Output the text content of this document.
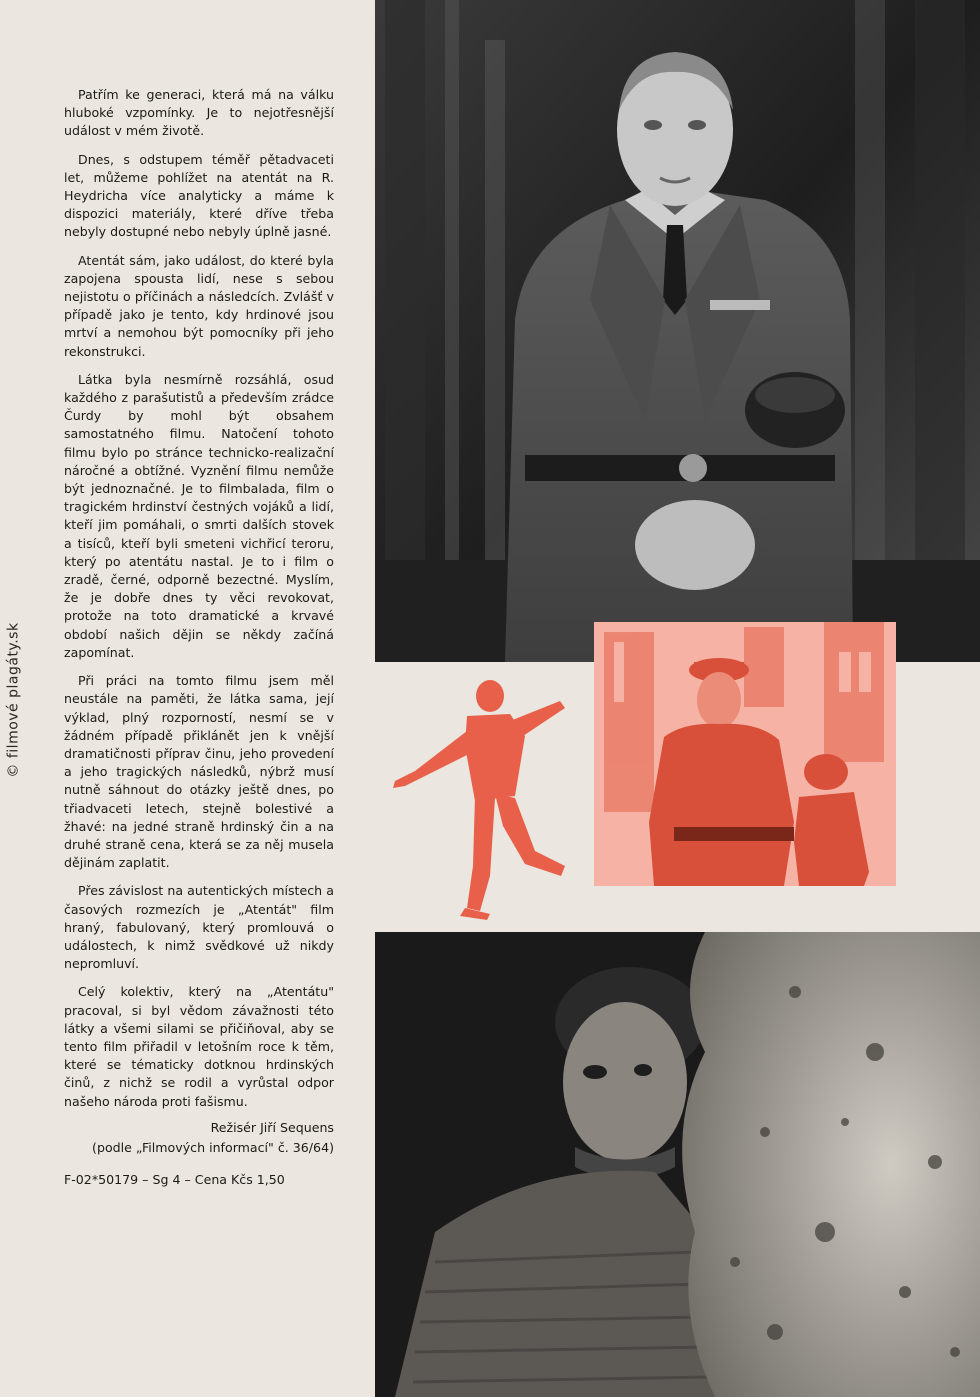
© filmové plagáty.sk

Patřím ke generaci, která má na válku hluboké vzpomínky. Je to nejotřesnější událost v mém životě.

Dnes, s odstupem téměř pětadvaceti let, můžeme pohlížet na atentát na R. Heydricha více analyticky a máme k dispozici materiály, které dříve třeba nebyly dostupné nebo nebyly úplně jasné.

Atentát sám, jako událost, do které byla zapojena spousta lidí, nese s sebou nejistotu o příčinách a následcích. Zvlášť v případě jako je tento, kdy hrdinové jsou mrtví a nemohou být pomocníky při jeho rekonstrukci.

Látka byla nesmírně rozsáhlá, osud každého z parašutistů a především zrádce Čurdy by mohl být obsahem samostatného filmu. Natočení tohoto filmu bylo po stránce technicko-realizační náročné a obtížné. Vyznění filmu nemůže být jednoznačné. Je to filmbalada, film o tragickém hrdinství čestných vojáků a lidí, kteří jim pomáhali, o smrti dalších stovek a tisíců, kteří byli smeteni vichřicí teroru, který po atentátu nastal. Je to i film o zradě, černé, odporně bezectné. Myslím, že je dobře dnes ty věci revokovat, protože na toto dramatické a krvavé období našich dějin se někdy začíná zapomínat.

Při práci na tomto filmu jsem měl neustále na paměti, že látka sama, její výklad, plný rozporností, nesmí se v žádném případě přiklánět jen k vnější dramatičnosti příprav činu, jeho provedení a jeho tragických následků, nýbrž musí nutně sáhnout do otázky ještě dnes, po třiadvaceti letech, stejně bolestivé a žhavé: na jedné straně hrdinský čin a na druhé straně cena, která se za něj musela dějinám zaplatit.

Přes závislost na autentických místech a časových rozmezích je „Atentát" film hraný, fabulovaný, který promlouvá o událostech, k nimž svědkové už nikdy nepromluví.

Celý kolektiv, který na „Atentátu" pracoval, si byl vědom závažnosti této látky a všemi silami se přičiňoval, aby se tento film přiřadil v letošním roce k těm, které se tématicky dotknou hrdinských činů, z nichž se rodil a vyrůstal odpor našeho národa proti fašismu.

Režisér Jiří Sequens
(podle „Filmových informací" č. 36/64)
F-02*50179 – Sg 4 – Cena Kčs 1,50
